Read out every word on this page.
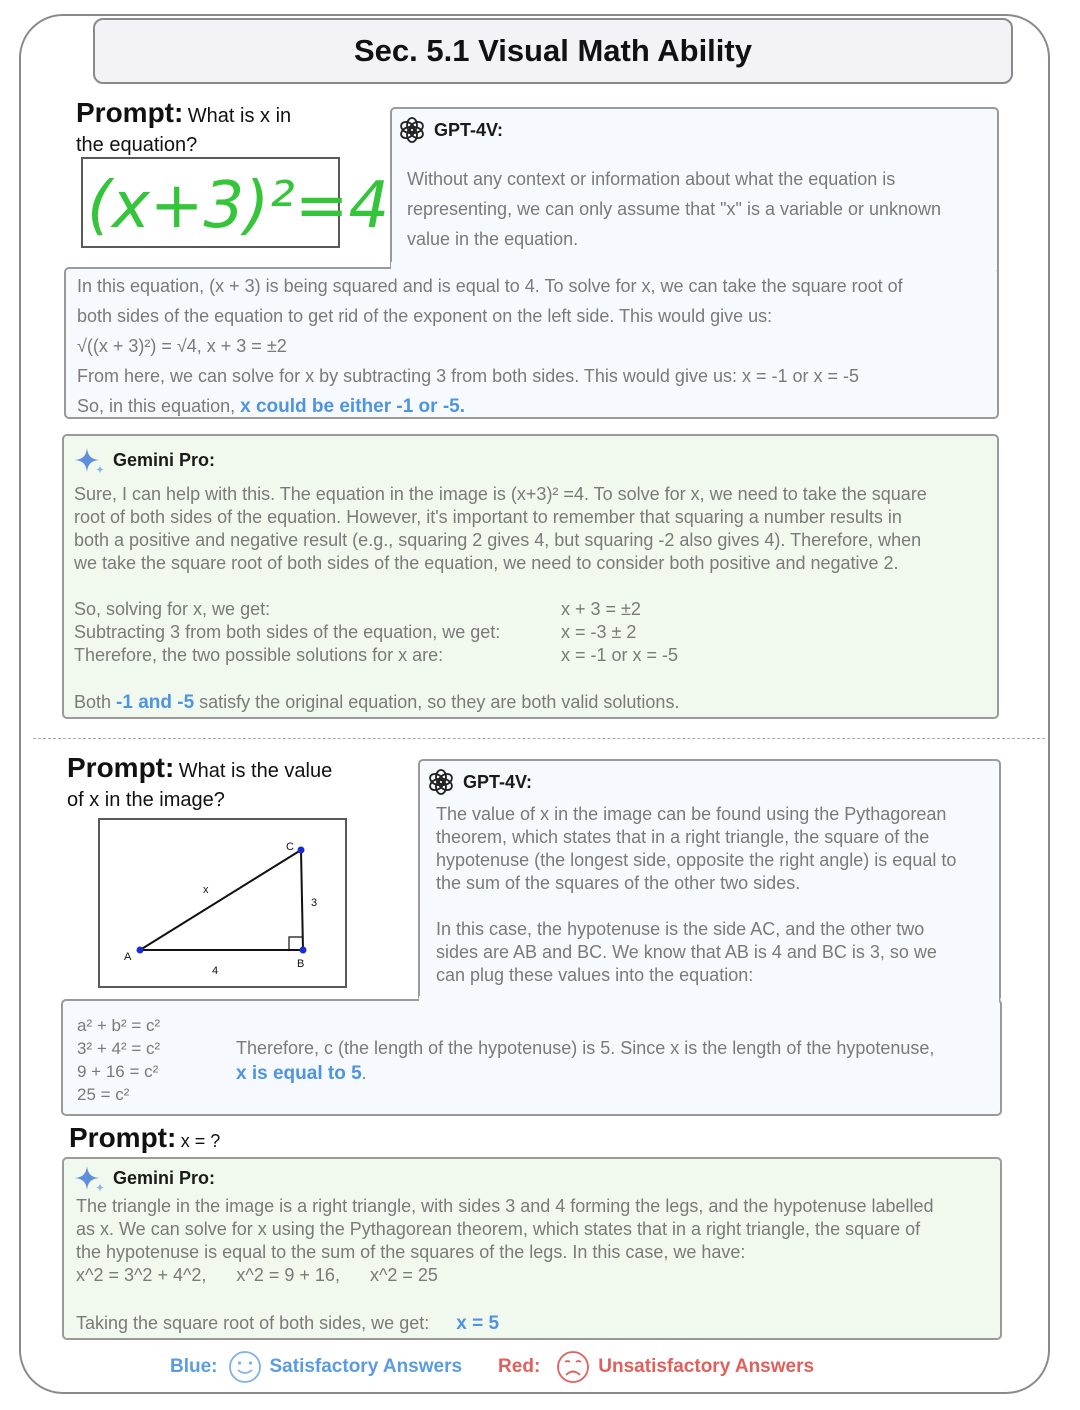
Sec. 5.1 Visual Math Ability
Prompt: What is x in
the equation?
(x+3)²=4
GPT-4V:
Without any context or information about what the equation is
representing, we can only assume that "x" is a variable or unknown
value in the equation.
In this equation, (x + 3) is being squared and is equal to 4. To solve for x, we can take the square root of
both sides of the equation to get rid of the exponent on the left side. This would give us:
√((x + 3)²) = √4, x + 3 = ±2
From here, we can solve for x by subtracting 3 from both sides. This would give us: x = -1 or x = -5
So, in this equation, x could be either -1 or -5.
Gemini Pro:
Sure, I can help with this. The equation in the image is (x+3)² =4. To solve for x, we need to take the square
root of both sides of the equation. However, it's important to remember that squaring a number results in
both a positive and negative result (e.g., squaring 2 gives 4, but squaring -2 also gives 4). Therefore, when
we take the square root of both sides of the equation, we need to consider both positive and negative 2.
So, solving for x, we get:
Subtracting 3 from both sides of the equation, we get:
Therefore, the two possible solutions for x are:
x + 3 = ±2
x = -3 ± 2
x = -1 or x = -5
Both -1 and -5 satisfy the original equation, so they are both valid solutions.
Prompt: What is the value
of x in the image?
A
B
C
x
3
4
GPT-4V:
The value of x in the image can be found using the Pythagorean
theorem, which states that in a right triangle, the square of the
hypotenuse (the longest side, opposite the right angle) is equal to
the sum of the squares of the other two sides.
In this case, the hypotenuse is the side AC, and the other two
sides are AB and BC. We know that AB is 4 and BC is 3, so we
can plug these values into the equation:
a² + b² = c²
3² + 4² = c²
9 + 16 = c²
25 = c²
Therefore, c (the length of the hypotenuse) is 5. Since x is the length of the hypotenuse,
x is equal to 5.
Prompt: x = ?
Gemini Pro:
The triangle in the image is a right triangle, with sides 3 and 4 forming the legs, and the hypotenuse labelled
as x. We can solve for x using the Pythagorean theorem, which states that in a right triangle, the square of
the hypotenuse is equal to the sum of the squares of the legs. In this case, we have:
x^2 = 3^2 + 4^2,      x^2 = 9 + 16,      x^2 = 25
Taking the square root of both sides, we get: x = 5
Blue:	Satisfactory Answers Red:	Unsatisfactory Answers
